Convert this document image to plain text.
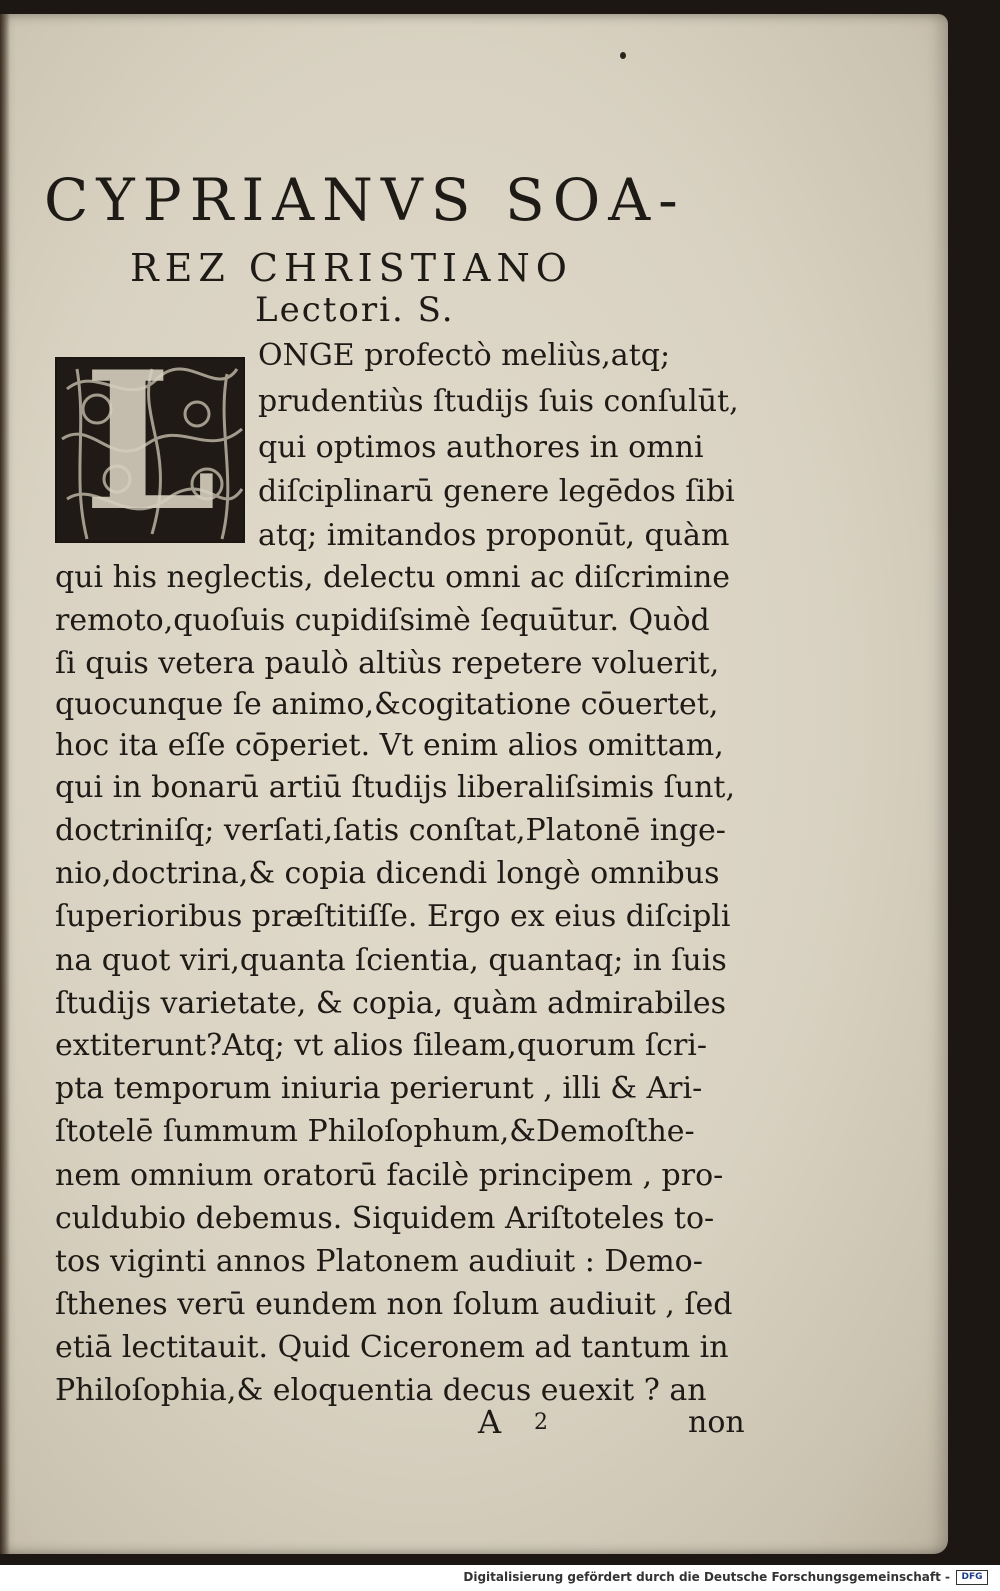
CYPRIANVS SOA-
REZ CHRISTIANO
Lectori. S.
L	ONGE profectò meliùs,atq;
prudentiùs ſtudijs ſuis conſulūt,
qui optimos authores in omni
diſciplinarū genere legēdos ſibi
atq; imitandos proponūt, quàm
qui his neglectis, delectu omni ac diſcrimine
remoto,quoſuis cupidiſsimè ſequūtur. Quòd
ſi quis vetera paulò altiùs repetere voluerit,
quocunque ſe animo,&cogitatione cōuertet,
hoc ita eſſe cōperiet. Vt enim alios omittam,
qui in bonarū artiū ſtudijs liberaliſsimis ſunt,
doctriniſq; verſati,ſatis conſtat,Platonē inge-
nio,doctrina,& copia dicendi longè omnibus
ſuperioribus præſtitiſſe. Ergo ex eius diſcipli
na quot viri,quanta ſcientia, quantaq; in ſuis
ſtudijs varietate, & copia, quàm admirabiles
extiterunt?Atq; vt alios ſileam,quorum ſcri-
pta temporum iniuria perierunt , illi & Ari-
ſtotelē ſummum Philoſophum,&Demoſthe-
nem omnium oratorū facilè principem , pro-
culdubio debemus. Siquidem Ariſtoteles to-
tos viginti annos Platonem audiuit : Demo-
ſthenes verū eundem non ſolum audiuit , ſed
etiā lectitauit. Quid Ciceronem ad tantum in
Philoſophia,& eloquentia decus euexit ? an
A 2	non
Digitalisierung gefördert durch die Deutsche Forschungsgemeinschaft -	DFG
